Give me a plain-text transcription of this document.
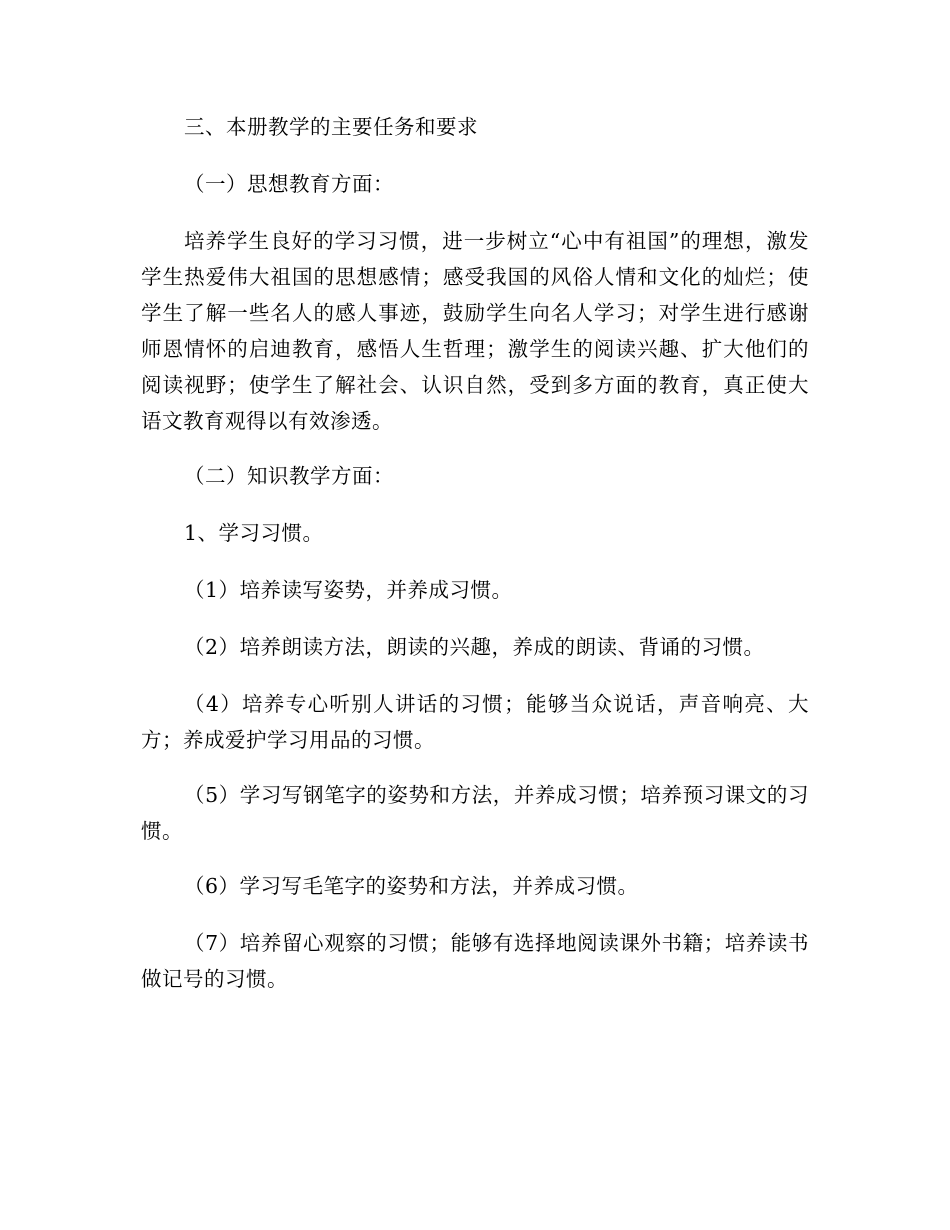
三、本册教学的主要任务和要求

（一）思想教育方面：

培养学生良好的学习习惯，进一步树立“心中有祖国”的理想，激发学生热爱伟大祖国的思想感情；感受我国的风俗人情和文化的灿烂；使学生了解一些名人的感人事迹，鼓励学生向名人学习；对学生进行感谢师恩情怀的启迪教育，感悟人生哲理；激学生的阅读兴趣、扩大他们的阅读视野；使学生了解社会、认识自然，受到多方面的教育，真正使大语文教育观得以有效渗透。

（二）知识教学方面：

1、学习习惯。

（1）培养读写姿势，并养成习惯。

（2）培养朗读方法，朗读的兴趣，养成的朗读、背诵的习惯。

（4）培养专心听别人讲话的习惯；能够当众说话，声音响亮、大方；养成爱护学习用品的习惯。

（5）学习写钢笔字的姿势和方法，并养成习惯；培养预习课文的习惯。

（6）学习写毛笔字的姿势和方法，并养成习惯。

（7）培养留心观察的习惯；能够有选择地阅读课外书籍；培养读书做记号的习惯。
